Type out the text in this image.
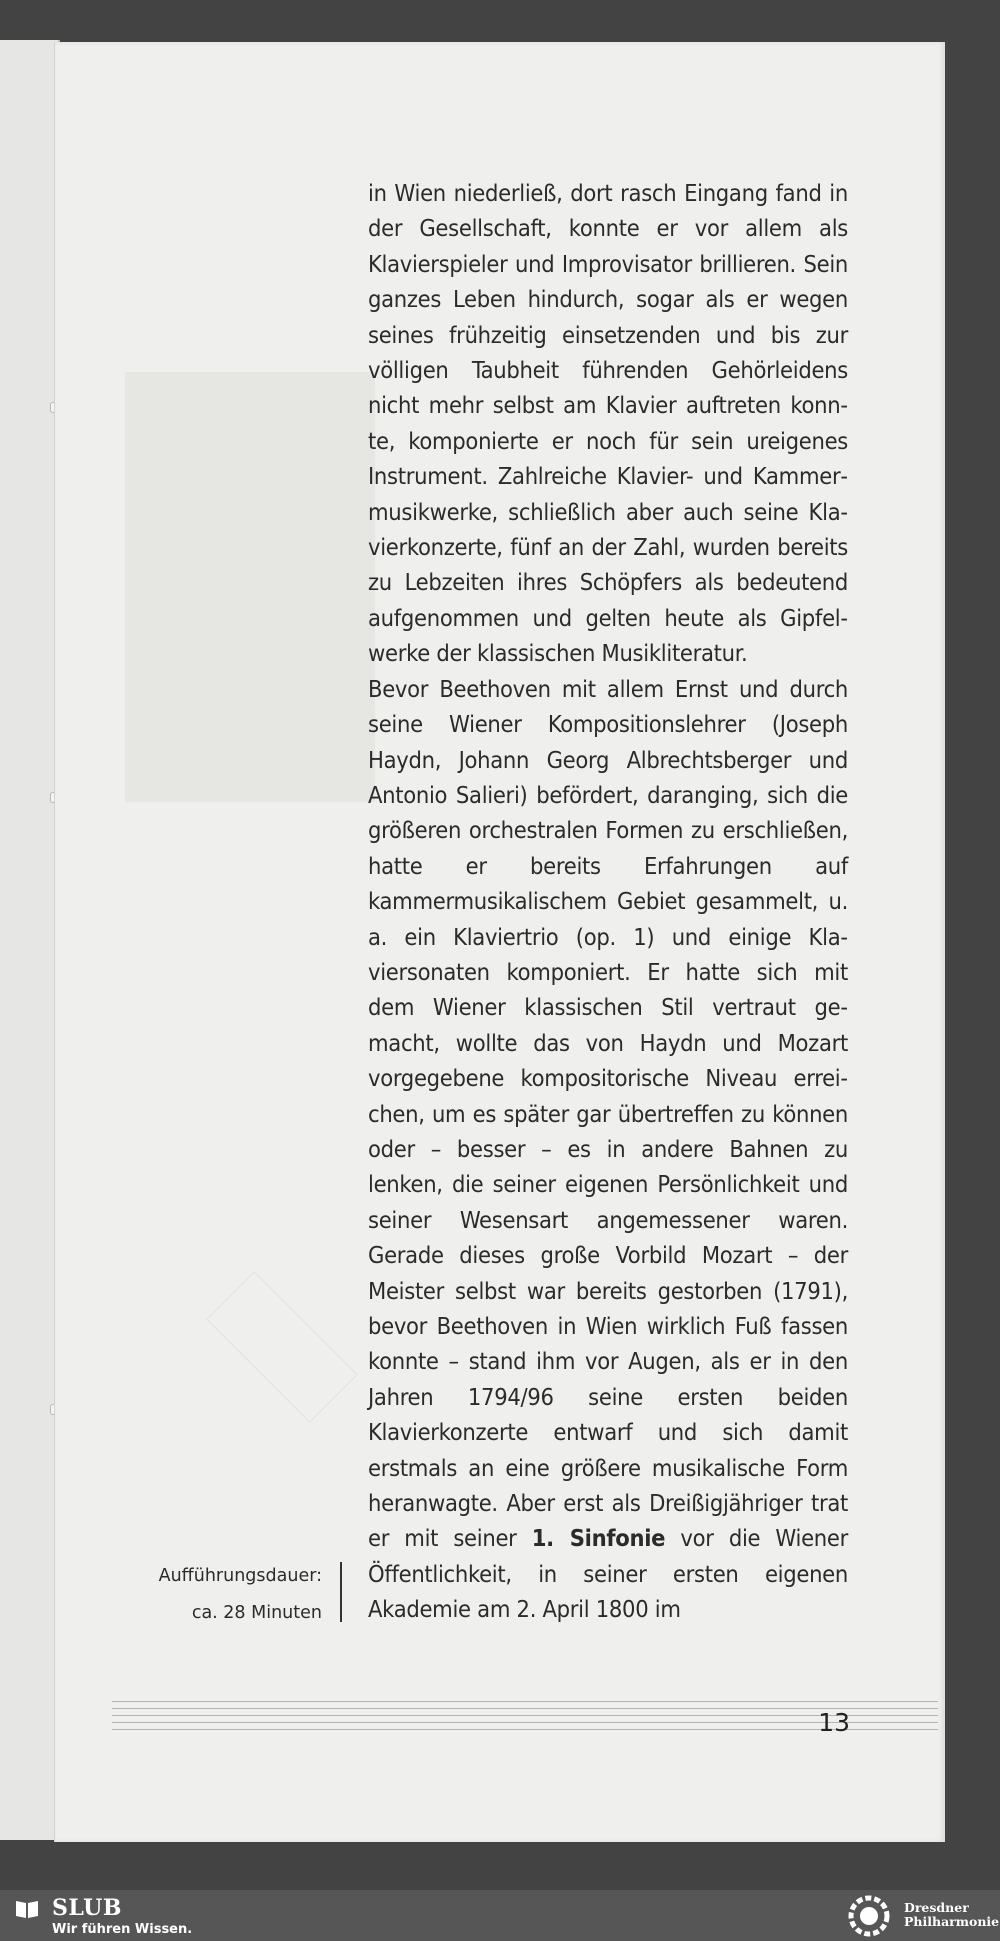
in Wien niederließ, dort rasch Eingang fand in der Gesellschaft, konnte er vor allem als Klavierspieler und Improvisator brillieren. Sein ganzes Leben hindurch, sogar als er wegen seines frühzeitig einsetzenden und bis zur völligen Taubheit führenden Gehörleidens nicht mehr selbst am Klavier auftreten konnte, komponierte er noch für sein ureigenes Instrument. Zahlreiche Klavier- und Kammermusikwerke, schließlich aber auch seine Klavierkonzerte, fünf an der Zahl, wurden bereits zu Lebzeiten ihres Schöpfers als bedeutend aufgenommen und gelten heute als Gipfelwerke der klassischen Musikliteratur.

Bevor Beethoven mit allem Ernst und durch seine Wiener Kompositionslehrer (Joseph Haydn, Johann Georg Albrechtsberger und Antonio Salieri) befördert, daranging, sich die größeren orchestralen Formen zu erschließen, hatte er bereits Erfahrungen auf kammermusikalischem Gebiet gesammelt, u. a. ein Klaviertrio (op. 1) und einige Klaviersonaten komponiert. Er hatte sich mit dem Wiener klassischen Stil vertraut gemacht, wollte das von Haydn und Mozart vorgegebene kompositorische Niveau erreichen, um es später gar übertreffen zu können oder – besser – es in andere Bahnen zu lenken, die seiner eigenen Persönlichkeit und seiner Wesensart angemessener waren. Gerade dieses große Vorbild Mozart – der Meister selbst war bereits gestorben (1791), bevor Beethoven in Wien wirklich Fuß fassen konnte – stand ihm vor Augen, als er in den Jahren 1794/96 seine ersten beiden Klavierkonzerte entwarf und sich damit erstmals an eine größere musikalische Form heranwagte. Aber erst als Dreißigjähriger trat er mit seiner 1. Sinfonie vor die Wiener Öffentlichkeit, in seiner ersten eigenen Akademie am 2. April 1800 im

Aufführungsdauer:
ca. 28 Minuten
13
SLUB
Wir führen Wissen.
Dresdner
Philharmonie
